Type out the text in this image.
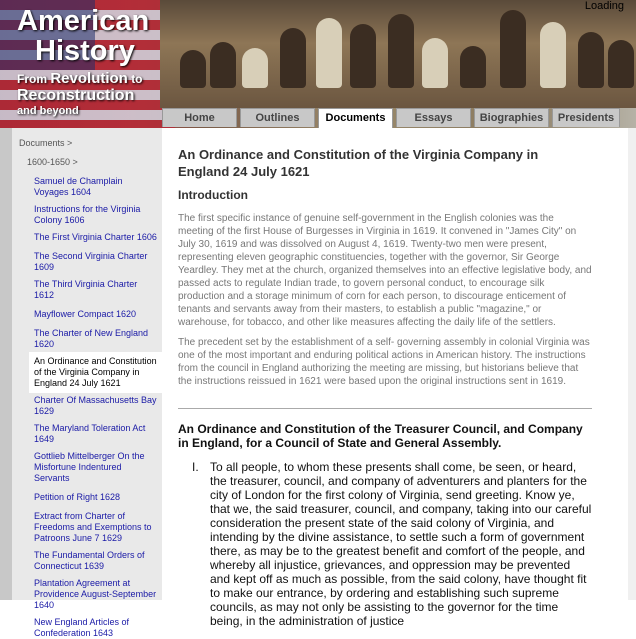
American
History
From Revolution to
Reconstruction
and beyond
Loading
Home	Outlines	Documents	Essays	Biographies	Presidents
Documents >
1600-1650 >
Samuel de Champlain Voyages 1604
Instructions for the Virginia Colony 1606
The First Virginia Charter 1606
The Second Virginia Charter 1609
The Third Virginia Charter 1612
Mayflower Compact 1620
The Charter of New England 1620
An Ordinance and Constitution of the Virginia Company in England 24 July 1621
Charter Of Massachusetts Bay 1629
The Maryland Toleration Act 1649
Gottlieb Mittelberger On the Misfortune Indentured Servants
Petition of Right 1628
Extract from Charter of Freedoms and Exemptions to Patroons June 7 1629
The Fundamental Orders of Connecticut 1639
Plantation Agreement at Providence August-September 1640
New England Articles of Confederation 1643
An Ordinance and Constitution of the Virginia Company in England 24 July 1621
Introduction

The first specific instance of genuine self-government in the English colonies was the meeting of the first House of Burgesses in Virginia in 1619. It convened in "James City" on July 30, 1619 and was dissolved on August 4, 1619. Twenty-two men were present, representing eleven geographic constituencies, together with the governor, Sir George Yeardley. They met at the church, organized themselves into an effective legislative body, and passed acts to regulate Indian trade, to govern personal conduct, to encourage silk production and a storage minimum of corn for each person, to discourage enticement of tenants and servants away from their masters, to establish a public "magazine," or warehouse, for tobacco, and other like measures affecting the daily life of the settlers.

The precedent set by the establishment of a self- governing assembly in colonial Virginia was one of the most important and enduring political actions in American history. The instructions from the council in England authorizing the meeting are missing, but historians believe that the instructions reissued in 1621 were based upon the original instructions sent in 1619.

An Ordinance and Constitution of the Treasurer Council, and Company in England, for a Council of State and General Assembly.
I. To all people, to whom these presents shall come, be seen, or heard, the treasurer, council, and company of adventurers and planters for the city of London for the first colony of Virginia, send greeting. Know ye, that we, the said treasurer, council, and company, taking into our careful consideration the present state of the said colony of Virginia, and intending by the divine assistance, to settle such a form of government there, as may be to the greatest benefit and comfort of the people, and whereby all injustice, grievances, and oppression may be prevented and kept off as much as possible, from the said colony, have thought fit to make our entrance, by ordering and establishing such supreme councils, as may not only be assisting to the governor for the time being, in the administration of justice
